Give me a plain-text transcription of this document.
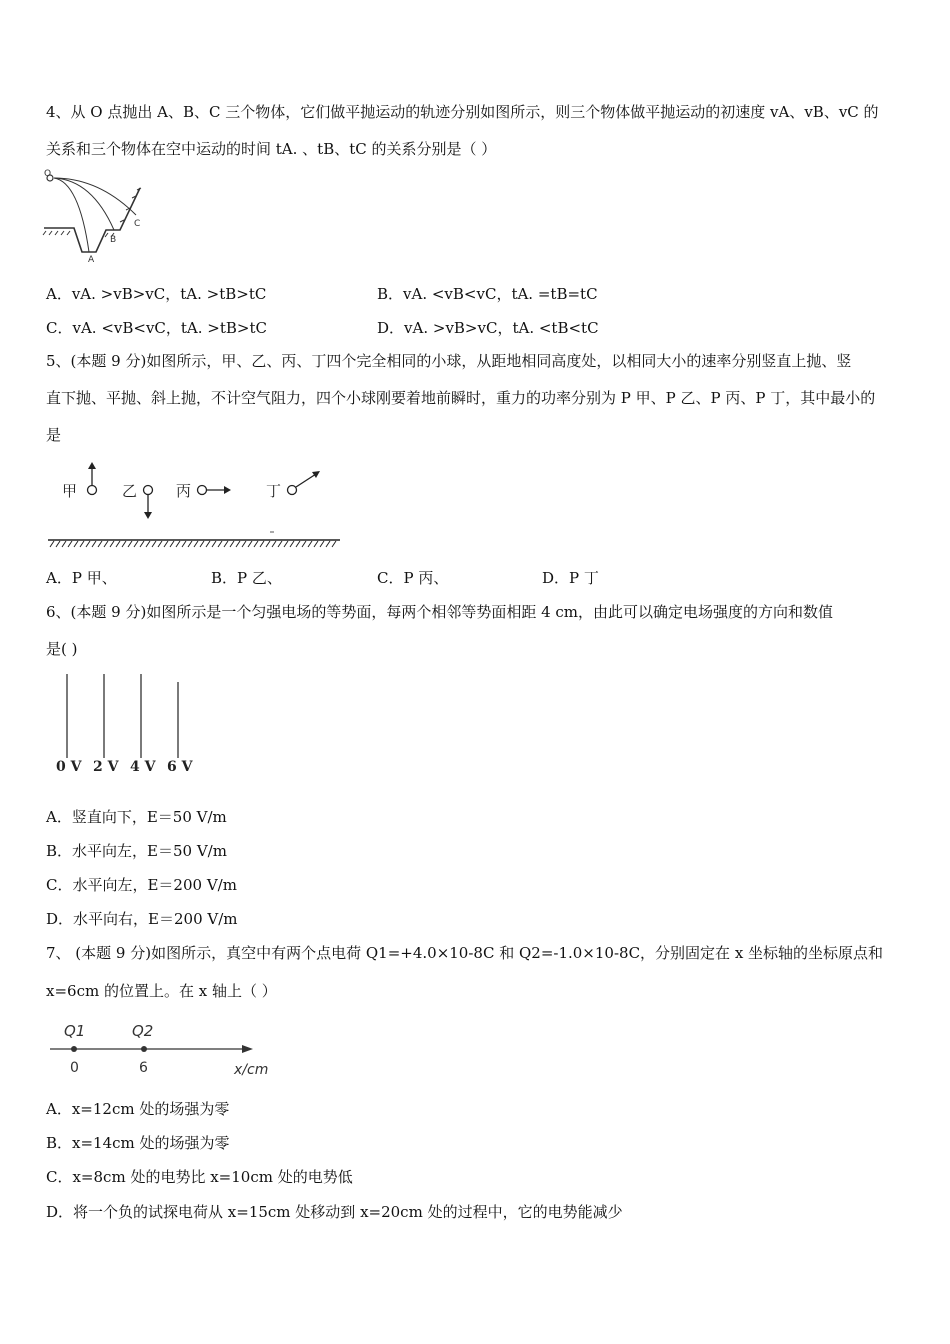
4、从 O 点抛出 A、B、C 三个物体，它们做平抛运动的轨迹分别如图所示，则三个物体做平抛运动的初速度 vA、vB、vC 的
关系和三个物体在空中运动的时间 tA. 、tB、tC 的关系分别是（ ）
O
A
B
C
A．vA. >vB>vC，tA. >tB>tC	B．vA. <vB<vC，tA. =tB=tC
C．vA. <vB<vC，tA. >tB>tC	D．vA. >vB>vC，tA. <tB<tC
5、(本题 9 分)如图所示，甲、乙、丙、丁四个完全相同的小球，从距地相同高度处，以相同大小的速率分别竖直上抛、竖
直下抛、平抛、斜上抛，不计空气阻力，四个小球刚要着地前瞬时，重力的功率分别为 P 甲、P 乙、P 丙、P 丁，其中最小的
是
甲	乙	丙	丁
A．P 甲、	B．P 乙、	C．P 丙、	D．P 丁
6、(本题 9 分)如图所示是一个匀强电场的等势面，每两个相邻等势面相距 4 cm，由此可以确定电场强度的方向和数值
是( )
0 V 2 V 4 V 6 V
A．竖直向下，E＝50 V/m
B．水平向左，E＝50 V/m
C．水平向左，E＝200 V/m
D．水平向右，E＝200 V/m
7、 (本题 9 分)如图所示，真空中有两个点电荷 Q1=+4.0×10-8C 和 Q2=-1.0×10-8C，分别固定在 x 坐标轴的坐标原点和
x=6cm 的位置上。在 x 轴上（ ）
Q1	Q2
0	6	x/cm
A．x=12cm 处的场强为零
B．x=14cm 处的场强为零
C．x=8cm 处的电势比 x=10cm 处的电势低
D．将一个负的试探电荷从 x=15cm 处移动到 x=20cm 处的过程中，它的电势能减少
